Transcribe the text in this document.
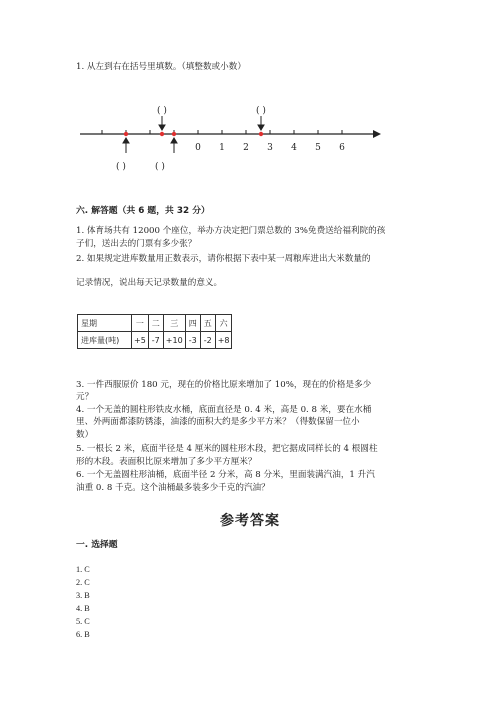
1. 从左到右在括号里填数。（填整数或小数）
0 1 2 3 4 5 6
( )	( )
( )	( )
六. 解答题（共 6 题，共 32 分）
1. 体育场共有 12000 个座位，举办方决定把门票总数的 3%免费送给福利院的孩
子们，送出去的门票有多少张？
2. 如果规定进库数量用正数表示，请你根据下表中某一周粮库进出大米数量的
记录情况，说出每天记录数量的意义。
星期	一	二	三	四	五	六
进库量(吨)	+5	-7	+10	-3	-2	+8
3. 一件西服原价 180 元，现在的价格比原来增加了 10%，现在的价格是多少
元？
4. 一个无盖的圆柱形铁皮水桶，底面直径是 0. 4 米，高是 0. 8 米，要在水桶
里、外两面都漆防锈漆，油漆的面积大约是多少平方米？（得数保留一位小
数）
5. 一根长 2 米，底面半径是 4 厘米的圆柱形木段，把它据成同样长的 4 根圆柱
形的木段。表面积比原来增加了多少平方厘米？
6. 一个无盖圆柱形油桶，底面半径 2 分米，高 8 分米，里面装满汽油，1 升汽
油重 0. 8 千克。这个油桶最多装多少千克的汽油？
参考答案
一. 选择题
1. C
2. C
3. B
4. B
5. C
6. B
